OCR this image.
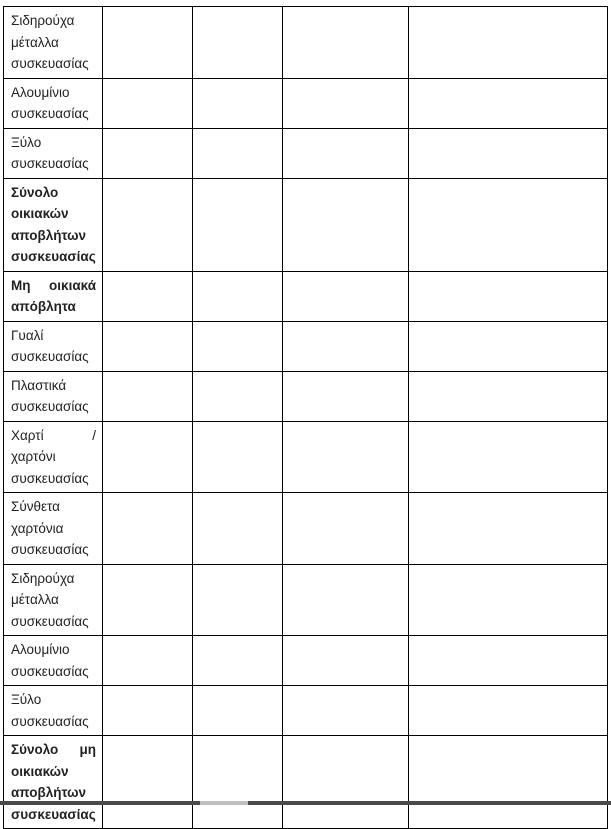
Σιδηρούχα μέταλλα συσκευασίας				
Αλουμίνιο συσκευασίας				
Ξύλο συσκευασίας				
Σύνολο οικιακών αποβλήτων συσκευασίας				
Μη οικιακά απόβλητα				
Γυαλί συσκευασίας				
Πλαστικά συσκευασίας				
Χαρτί / χαρτόνι συσκευασίας				
Σύνθετα χαρτόνια συσκευασίας				
Σιδηρούχα μέταλλα συσκευασίας				
Αλουμίνιο συσκευασίας				
Ξύλο συσκευασίας				
Σύνολο μη οικιακών αποβλήτων συσκευασίας				
